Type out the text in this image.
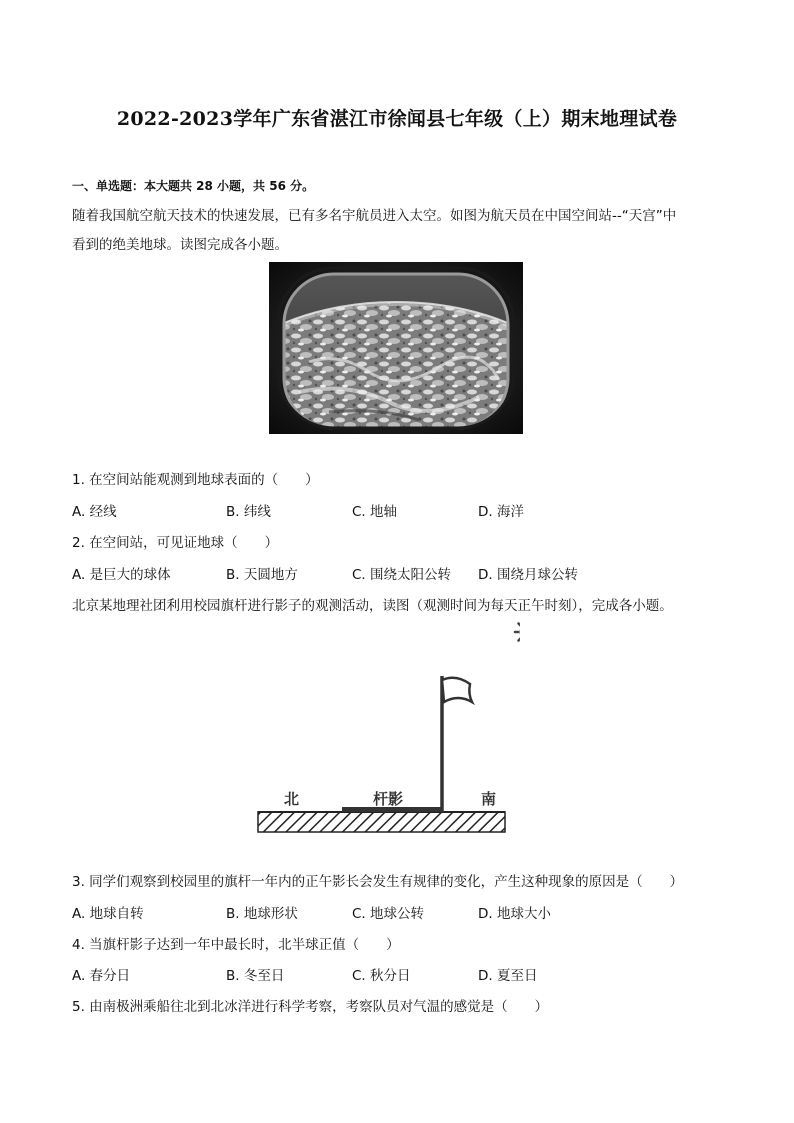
2022-2023学年广东省湛江市徐闻县七年级（上）期末地理试卷
一、单选题：本大题共 28 小题，共 56 分。
随着我国航空航天技术的快速发展，已有多名宇航员进入太空。如图为航天员在中国空间站--“天宫”中
看到的绝美地球。读图完成各小题。
1. 在空间站能观测到地球表面的（　　）
A. 经线	B. 纬线	C. 地轴	D. 海洋
2. 在空间站，可见证地球（　　）
A. 是巨大的球体	B. 天圆地方	C. 围绕太阳公转 D. 围绕月球公转
北京某地理社团利用校园旗杆进行影子的观测活动，读图（观测时间为每天正午时刻），完成各小题。
北	杆影	南
3. 同学们观察到校园里的旗杆一年内的正午影长会发生有规律的变化，产生这种现象的原因是（　　）
A. 地球自转	B. 地球形状	C. 地球公转	D. 地球大小
4. 当旗杆影子达到一年中最长时，北半球正值（　　）
A. 春分日	B. 冬至日	C. 秋分日	D. 夏至日
5. 由南极洲乘船往北到北冰洋进行科学考察，考察队员对气温的感觉是（　　）
